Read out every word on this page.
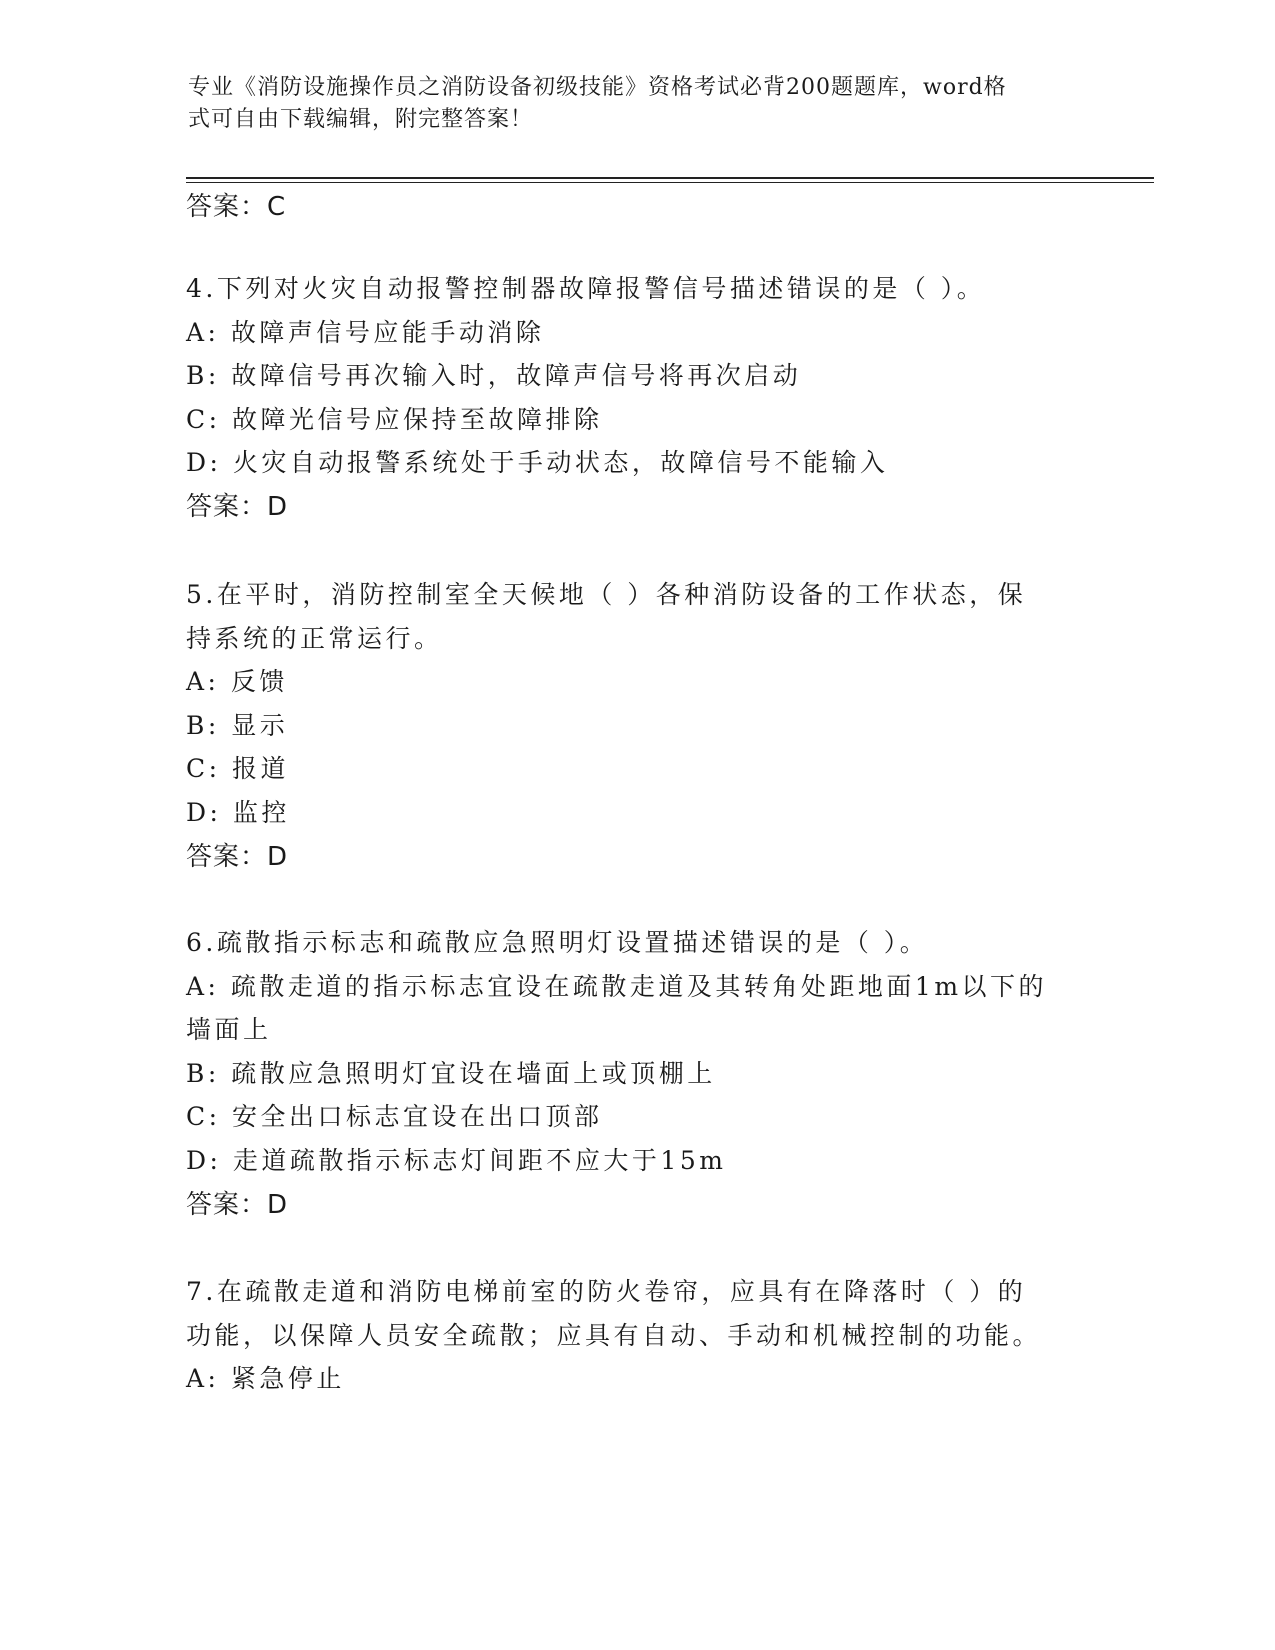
专业《消防设施操作员之消防设备初级技能》资格考试必背200题题库，word格
式可自由下载编辑，附完整答案！
答案：C
4.下列对火灾自动报警控制器故障报警信号描述错误的是（ ）。
A: 故障声信号应能手动消除
B: 故障信号再次输入时，故障声信号将再次启动
C: 故障光信号应保持至故障排除
D: 火灾自动报警系统处于手动状态，故障信号不能输入
答案：D
5.在平时，消防控制室全天候地（ ）各种消防设备的工作状态，保
持系统的正常运行。
A: 反馈
B: 显示
C: 报道
D: 监控
答案：D
6.疏散指示标志和疏散应急照明灯设置描述错误的是（ ）。
A: 疏散走道的指示标志宜设在疏散走道及其转角处距地面1m以下的
墙面上
B: 疏散应急照明灯宜设在墙面上或顶棚上
C: 安全出口标志宜设在出口顶部
D: 走道疏散指示标志灯间距不应大于15m
答案：D
7.在疏散走道和消防电梯前室的防火卷帘，应具有在降落时（ ）的
功能，以保障人员安全疏散；应具有自动、手动和机械控制的功能。
A: 紧急停止
